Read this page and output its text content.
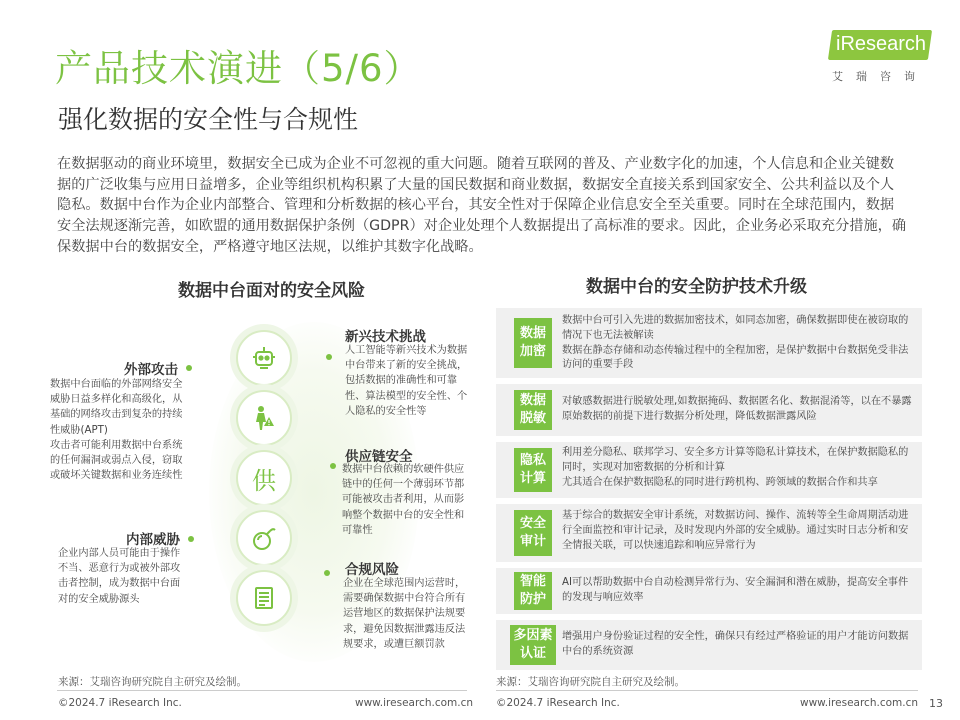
产品技术演进（5/6）
强化数据的安全性与合规性
iResearch
艾瑞咨询
在数据驱动的商业环境里，数据安全已成为企业不可忽视的重大问题。随着互联网的普及、产业数字化的加速，个人信息和企业关键数据的广泛收集与应用日益增多，企业等组织机构积累了大量的国民数据和商业数据，数据安全直接关系到国家安全、公共利益以及个人隐私。数据中台作为企业内部整合、管理和分析数据的核心平台，其安全性对于保障企业信息安全至关重要。同时在全球范围内，数据安全法规逐渐完善，如欧盟的通用数据保护条例（GDPR）对企业处理个人数据提出了高标准的要求。因此，企业务必采取充分措施，确保数据中台的数据安全，严格遵守地区法规，以维护其数字化战略。
数据中台面对的安全风险
供
外部攻击
数据中台面临的外部网络安全威胁日益多样化和高级化，从基础的网络攻击到复杂的持续性威胁(APT)
攻击者可能利用数据中台系统的任何漏洞或弱点入侵，窃取或破坏关键数据和业务连续性
内部威胁
企业内部人员可能由于操作不当、恶意行为或被外部攻击者控制，成为数据中台面对的安全威胁源头
新兴技术挑战
人工智能等新兴技术为数据中台带来了新的安全挑战，包括数据的准确性和可靠性、算法模型的安全性、个人隐私的安全性等
供应链安全
数据中台依赖的软硬件供应链中的任何一个薄弱环节都可能被攻击者利用，从而影响整个数据中台的安全性和可靠性
合规风险
企业在全球范围内运营时，需要确保数据中台符合所有运营地区的数据保护法规要求，避免因数据泄露违反法规要求，或遭巨额罚款
来源：艾瑞咨询研究院自主研究及绘制。
数据中台的安全防护技术升级
数据
加密
数据中台可引入先进的数据加密技术，如同态加密，确保数据即使在被窃取的情况下也无法被解读
数据在静态存储和动态传输过程中的全程加密，是保护数据中台数据免受非法访问的重要手段
数据
脱敏
对敏感数据进行脱敏处理,如数据掩码、数据匿名化、数据混淆等，以在不暴露原始数据的前提下进行数据分析处理，降低数据泄露风险
隐私
计算
利用差分隐私、联邦学习、安全多方计算等隐私计算技术，在保护数据隐私的同时，实现对加密数据的分析和计算
尤其适合在保护数据隐私的同时进行跨机构、跨领域的数据合作和共享
安全
审计
基于综合的数据安全审计系统，对数据访问、操作、流转等全生命周期活动进行全面监控和审计记录，及时发现内外部的安全威胁。通过实时日志分析和安全情报关联，可以快速追踪和响应异常行为
智能
防护
AI可以帮助数据中台自动检测异常行为、安全漏洞和潜在威胁，提高安全事件的发现与响应效率
多因素
认证
增强用户身份验证过程的安全性，确保只有经过严格验证的用户才能访问数据中台的系统资源
来源：艾瑞咨询研究院自主研究及绘制。
©2024.7 iResearch Inc.	www.iresearch.com.cn ©2024.7 iResearch Inc.	www.iresearch.com.cn 13
